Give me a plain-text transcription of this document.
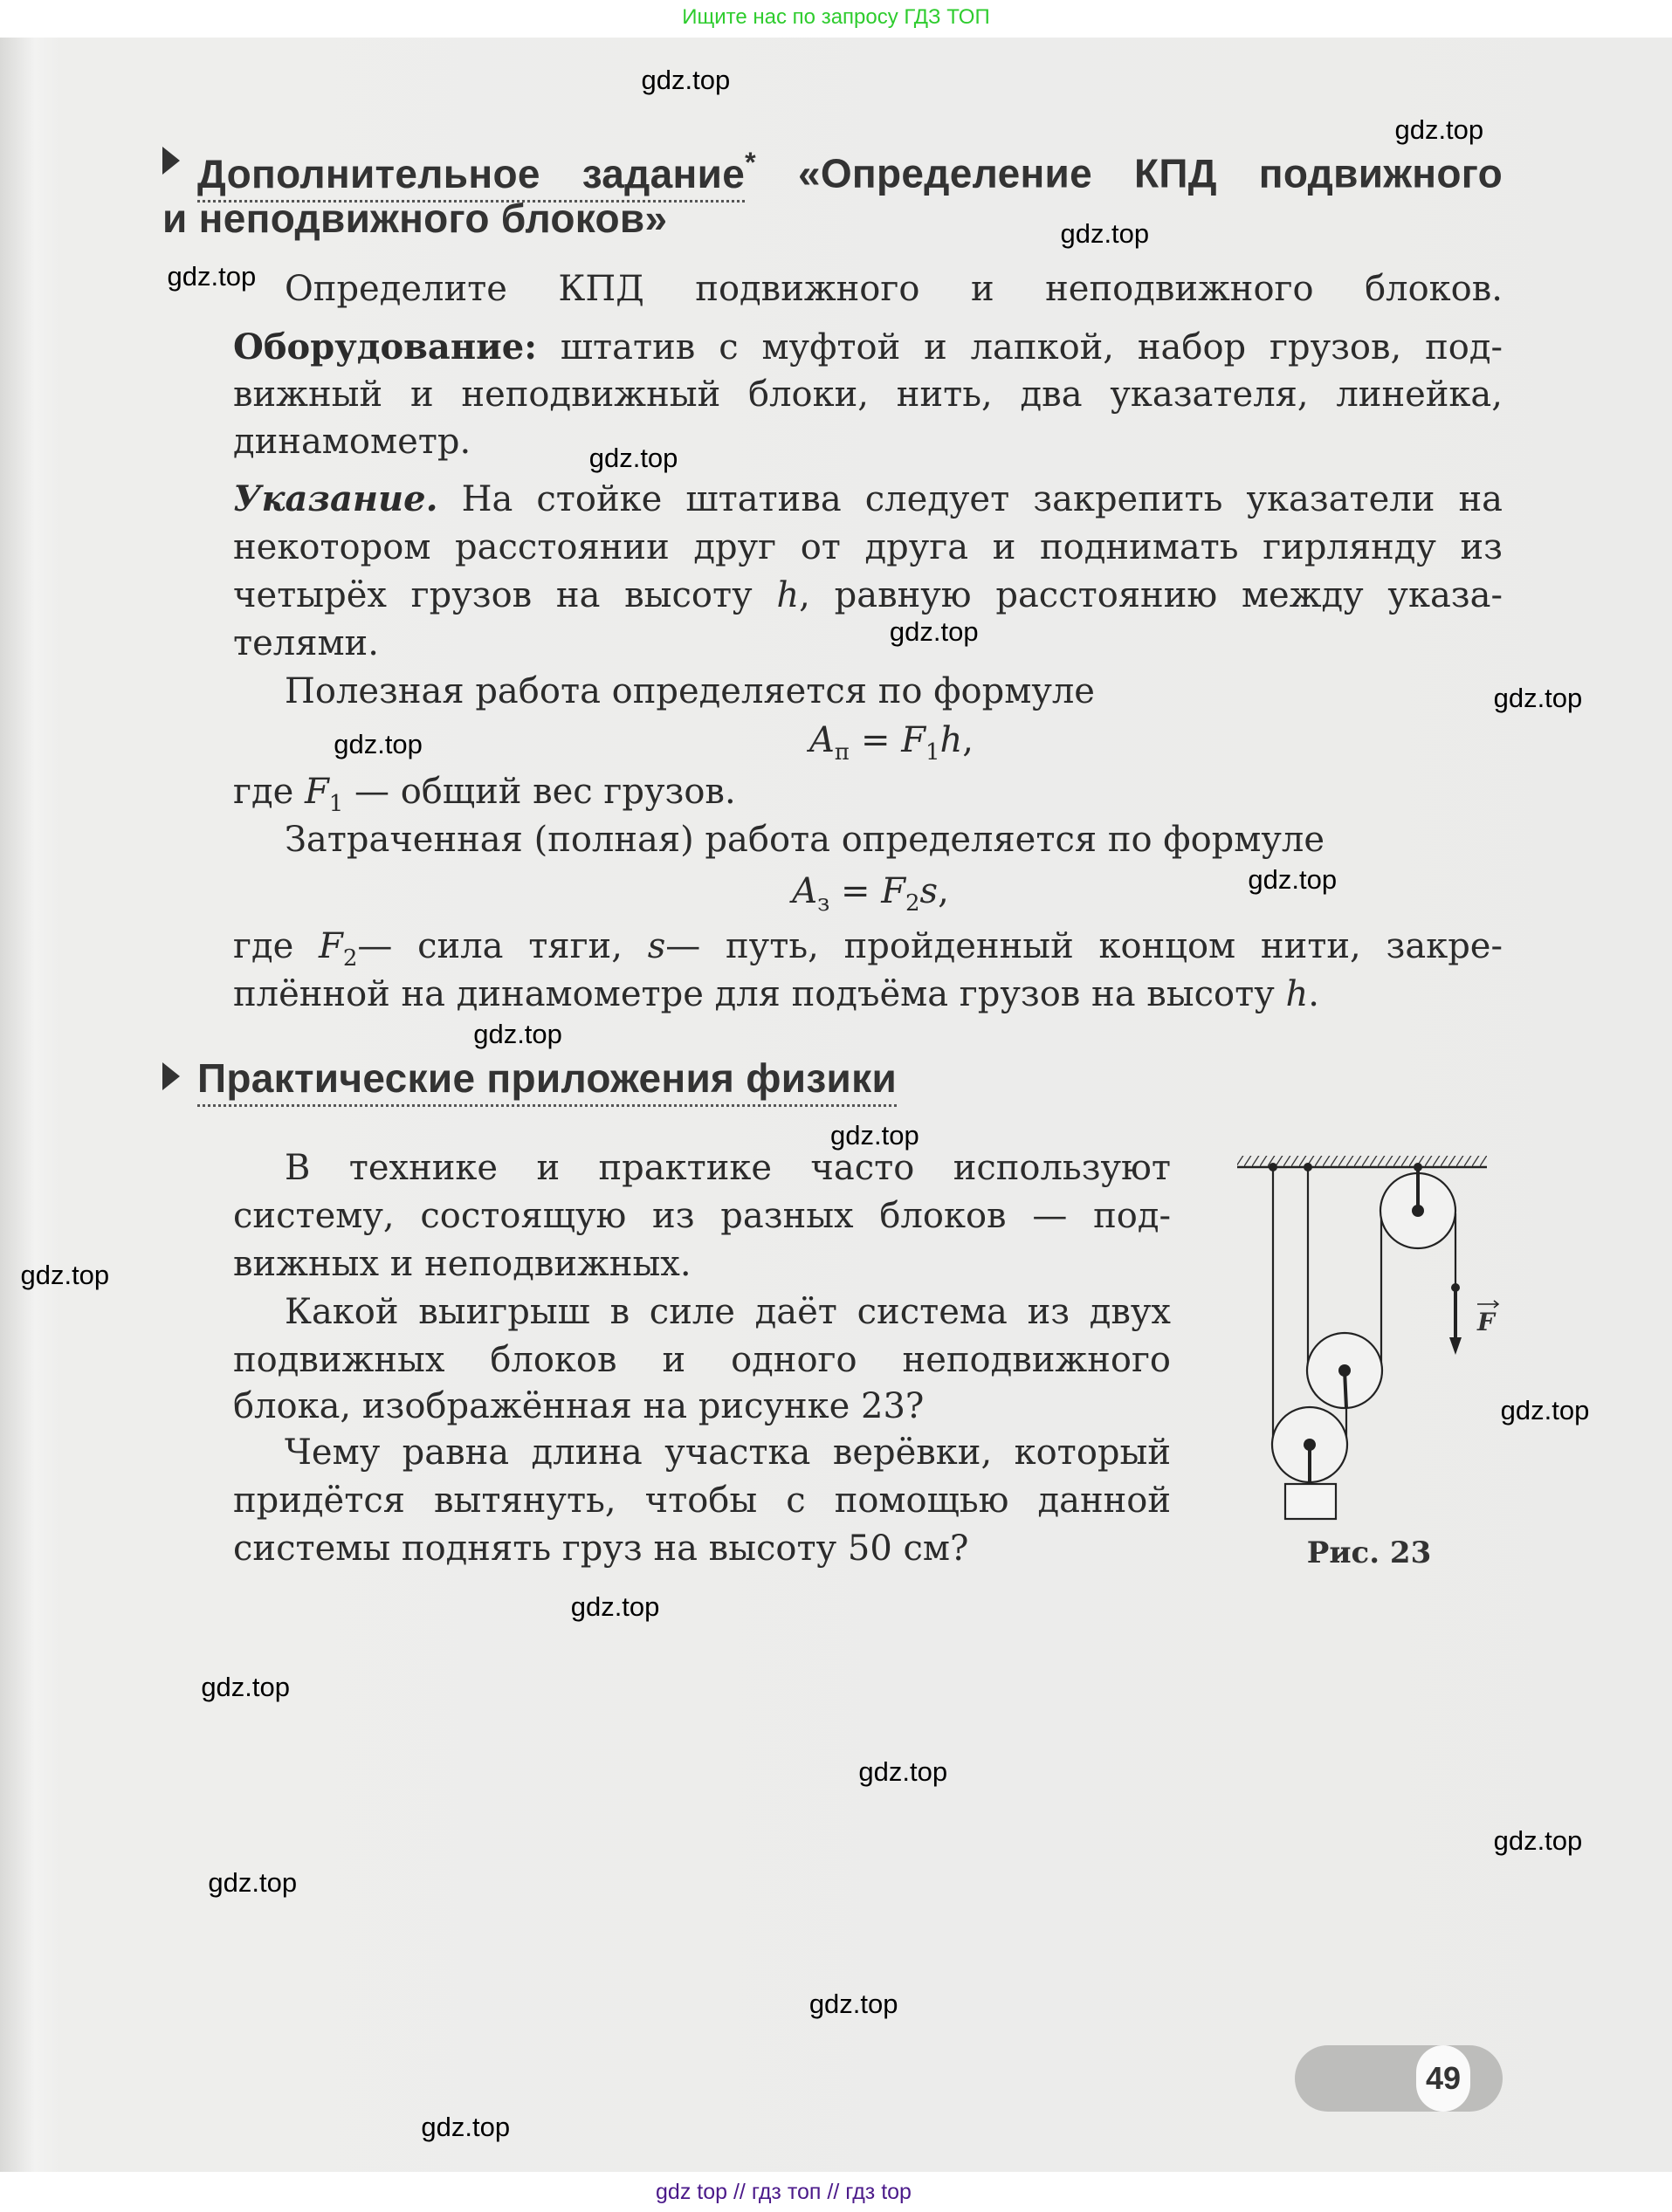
Ищите нас по запросу ГДЗ ТОП
Дополнительное задание* «Определение КПД подвижного
и неподвижного блоков»
Определите КПД подвижного и неподвижного блоков.
Оборудование: штатив с муфтой и лапкой, набор грузов, под-
вижный и неподвижный блоки, нить, два указателя, линейка,
динамометр.
Указание. На стойке штатива следует закрепить указатели на
некотором расстоянии друг от друга и поднимать гирлянду из
четырёх грузов на высоту h, равную расстоянию между указа-
телями.
Полезная работа определяется по формуле
$A_п = F_1h$,
где $F_1$ — общий вес грузов.
Затраченная (полная) работа определяется по формуле
$A_з = F_2s$,
где $F_2—$ сила тяги, s— путь, пройденный концом нити, закре-
плённой на динамометре для подъёма грузов на высоту h.
Практические приложения физики
В технике и практике часто используют
систему, состоящую из разных блоков — под-
вижных и неподвижных.
Какой выигрыш в силе даёт система из двух
подвижных блоков и одного неподвижного
блока, изображённая на рисунке 23?
Чему равна длина участка верёвки, который
придётся вытянуть, чтобы с помощью данной
системы поднять груз на высоту 50 см?
F
Рис. 23
49
gdz.top
gdz.top
gdz.top
gdz.top
gdz.top
gdz.top
gdz.top
gdz.top
gdz.top
gdz.top
gdz.top
gdz.top
gdz.top
gdz.top
gdz.top
gdz.top
gdz.top
gdz.top
gdz.top
gdz.top
gdz top // гдз топ // гдз top
